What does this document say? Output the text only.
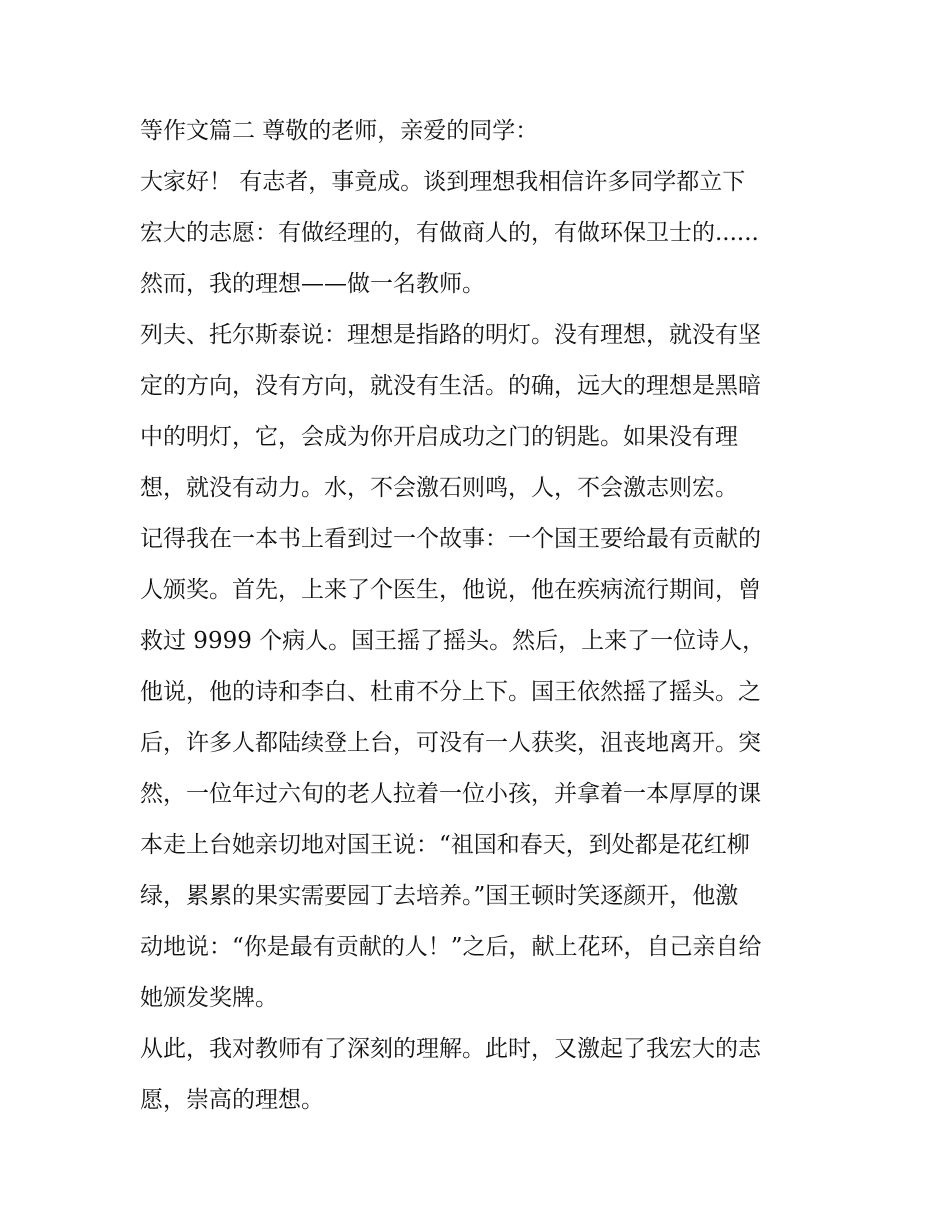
等作文篇二 尊敬的老师，亲爱的同学：
大家好！ 有志者，事竟成。谈到理想我相信许多同学都立下
宏大的志愿：有做经理的，有做商人的，有做环保卫士的......
然而，我的理想——做一名教师。
列夫、托尔斯泰说：理想是指路的明灯。没有理想，就没有坚
定的方向，没有方向，就没有生活。的确，远大的理想是黑暗
中的明灯，它，会成为你开启成功之门的钥匙。如果没有理
想，就没有动力。水，不会激石则鸣，人，不会激志则宏。
记得我在一本书上看到过一个故事：一个国王要给最有贡献的
人颁奖。首先，上来了个医生，他说，他在疾病流行期间，曾
救过 9999 个病人。国王摇了摇头。然后，上来了一位诗人，
他说，他的诗和李白、杜甫不分上下。国王依然摇了摇头。之
后，许多人都陆续登上台，可没有一人获奖，沮丧地离开。突
然，一位年过六旬的老人拉着一位小孩，并拿着一本厚厚的课
本走上台她亲切地对国王说：“祖国和春天，到处都是花红柳
绿，累累的果实需要园丁去培养。”国王顿时笑逐颜开，他激
动地说：“你是最有贡献的人！”之后，献上花环，自己亲自给
她颁发奖牌。
从此，我对教师有了深刻的理解。此时，又激起了我宏大的志
愿，崇高的理想。
